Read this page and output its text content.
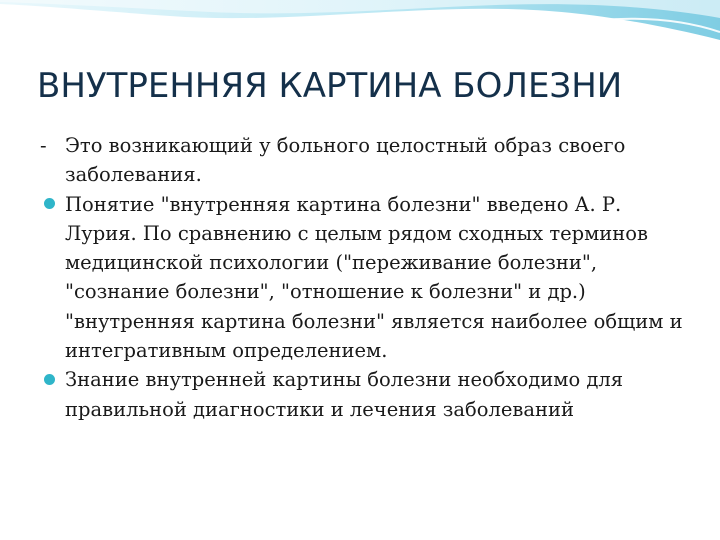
ВНУТРЕННЯЯ КАРТИНА БОЛЕЗНИ
- Это возникающий у больного целостный образ своего заболевания.
Понятие "внутренняя картина болезни" введено А. Р. Лурия. По сравнению с целым рядом сходных терминов медицинской психологии ("переживание болезни", "сознание болезни", "отношение к болезни" и др.) "внутренняя картина болезни" является наиболее общим и интегративным определением.
Знание внутренней картины болезни необходимо для правильной диагностики и лечения заболеваний
